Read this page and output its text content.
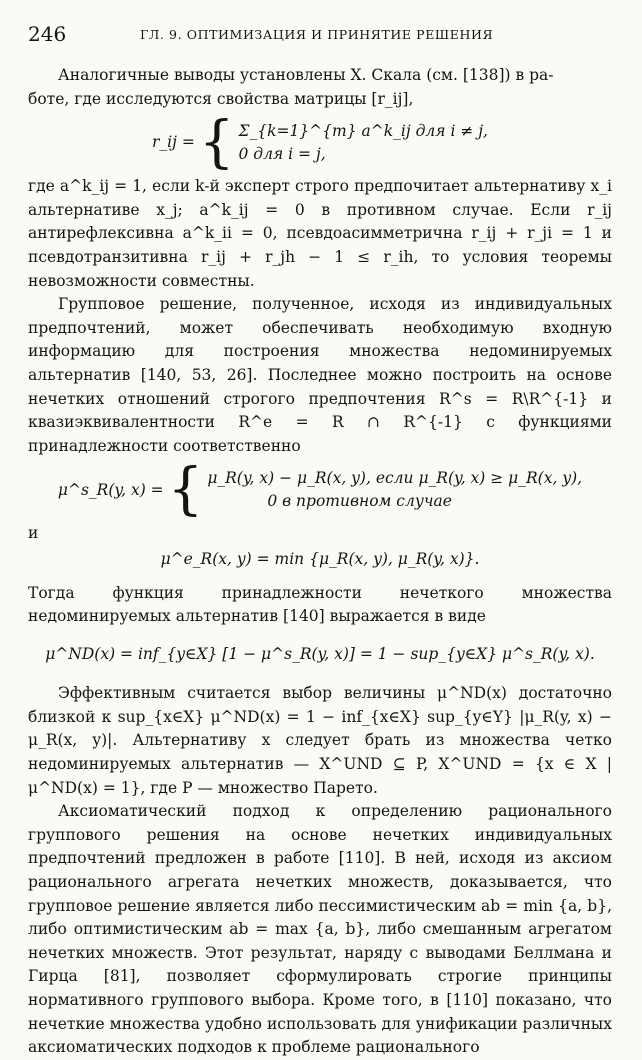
246	ГЛ. 9. ОПТИМИЗАЦИЯ И ПРИНЯТИЕ РЕШЕНИЯ

Аналогичные выводы установлены Х. Скала (см. [138]) в ра-

боте, где исследуются свойства матрицы [r_ij],

r_ij = { Σ_{k=1}^{m} a^k_ij для i ≠ j,
0 для i = j,

где a^k_ij = 1, если k-й эксперт строго предпочитает альтернативу x_i альтернативе x_j; a^k_ij = 0 в противном случае. Если r_ij антирефлексивна a^k_ii = 0, псевдоасимметрична r_ij + r_ji = 1 и псевдотранзитивна r_ij + r_jh − 1 ≤ r_ih, то условия теоремы невозможности совместны.

Групповое решение, полученное, исходя из индивидуальных предпочтений, может обеспечивать необходимую входную информацию для построения множества недоминируемых альтернатив [140, 53, 26]. Последнее можно построить на основе нечетких отношений строгого предпочтения R^s = R\R^{-1} и квазиэквивалентности R^e = R ∩ R^{-1} с функциями принадлежности соответственно

μ^s_R(y, x) = { μ_R(y, x) − μ_R(x, y), если μ_R(y, x) ≥ μ_R(x, y),
0 в противном случае

и

μ^e_R(x, y) = min {μ_R(x, y), μ_R(y, x)}.

Тогда функция принадлежности нечеткого множества недоминируемых альтернатив [140] выражается в виде

μ^ND(x) = inf_{y∈X} [1 − μ^s_R(y, x)] = 1 − sup_{y∈X} μ^s_R(y, x).

Эффективным считается выбор величины μ^ND(x) достаточно близкой к sup_{x∈X} μ^ND(x) = 1 − inf_{x∈X} sup_{y∈Y} |μ_R(y, x) − μ_R(x, y)|. Альтернативу x следует брать из множества четко недоминируемых альтернатив — X^UND ⊆ P, X^UND = {x ∈ X | μ^ND(x) = 1}, где P — множество Парето.

Аксиоматический подход к определению рационального группового решения на основе нечетких индивидуальных предпочтений предложен в работе [110]. В ней, исходя из аксиом рационального агрегата нечетких множеств, доказывается, что групповое решение является либо пессимистическим ab = min {a, b}, либо оптимистическим ab = max {a, b}, либо смешанным агрегатом нечетких множеств. Этот результат, наряду с выводами Беллмана и Гирца [81], позволяет сформулировать строгие принципы нормативного группового выбора. Кроме того, в [110] показано, что нечеткие множества удобно использовать для унификации различных аксиоматических подходов к проблеме рационального
